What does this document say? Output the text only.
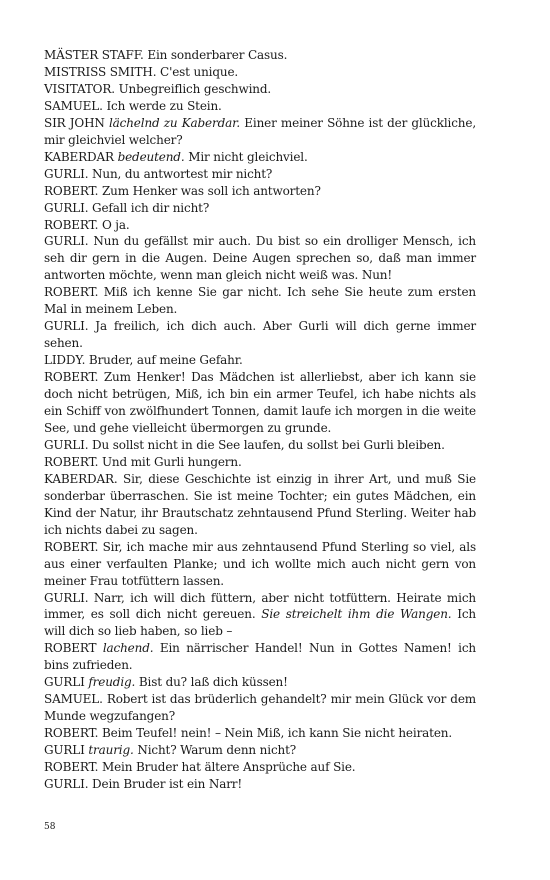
MÄSTER STAFF. Ein sonderbarer Casus.

MISTRISS SMITH. C'est unique.

VISITATOR. Unbegreiflich geschwind.

SAMUEL. Ich werde zu Stein.

SIR JOHN lächelnd zu Kaberdar. Einer meiner Söhne ist der glückliche, mir gleichviel welcher?

KABERDAR bedeutend. Mir nicht gleichviel.

GURLI. Nun, du antwortest mir nicht?

ROBERT. Zum Henker was soll ich antworten?

GURLI. Gefall ich dir nicht?

ROBERT. O ja.

GURLI. Nun du gefällst mir auch. Du bist so ein drolliger Mensch, ich seh dir gern in die Augen. Deine Augen sprechen so, daß man immer antworten möchte, wenn man gleich nicht weiß was. Nun!

ROBERT. Miß ich kenne Sie gar nicht. Ich sehe Sie heute zum ersten Mal in meinem Leben.

GURLI. Ja freilich, ich dich auch. Aber Gurli will dich gerne immer sehen.

LIDDY. Bruder, auf meine Gefahr.

ROBERT. Zum Henker! Das Mädchen ist allerliebst, aber ich kann sie doch nicht betrügen, Miß, ich bin ein armer Teufel, ich habe nichts als ein Schiff von zwölfhundert Tonnen, damit laufe ich morgen in die weite See, und gehe vielleicht übermorgen zu grunde.

GURLI. Du sollst nicht in die See laufen, du sollst bei Gurli bleiben.

ROBERT. Und mit Gurli hungern.

KABERDAR. Sir, diese Geschichte ist einzig in ihrer Art, und muß Sie sonderbar überraschen. Sie ist meine Tochter; ein gutes Mädchen, ein Kind der Natur, ihr Brautschatz zehntausend Pfund Sterling. Weiter hab ich nichts dabei zu sagen.

ROBERT. Sir, ich mache mir aus zehntausend Pfund Sterling so viel, als aus einer verfaulten Planke; und ich wollte mich auch nicht gern von meiner Frau totfüttern lassen.

GURLI. Narr, ich will dich füttern, aber nicht totfüttern. Heirate mich immer, es soll dich nicht gereuen. Sie streichelt ihm die Wangen. Ich will dich so lieb haben, so lieb –

ROBERT lachend. Ein närrischer Handel! Nun in Gottes Namen! ich bins zufrieden.

GURLI freudig. Bist du? laß dich küssen!

SAMUEL. Robert ist das brüderlich gehandelt? mir mein Glück vor dem Munde wegzufangen?

ROBERT. Beim Teufel! nein! – Nein Miß, ich kann Sie nicht heiraten.

GURLI traurig. Nicht? Warum denn nicht?

ROBERT. Mein Bruder hat ältere Ansprüche auf Sie.

GURLI. Dein Bruder ist ein Narr!

58
